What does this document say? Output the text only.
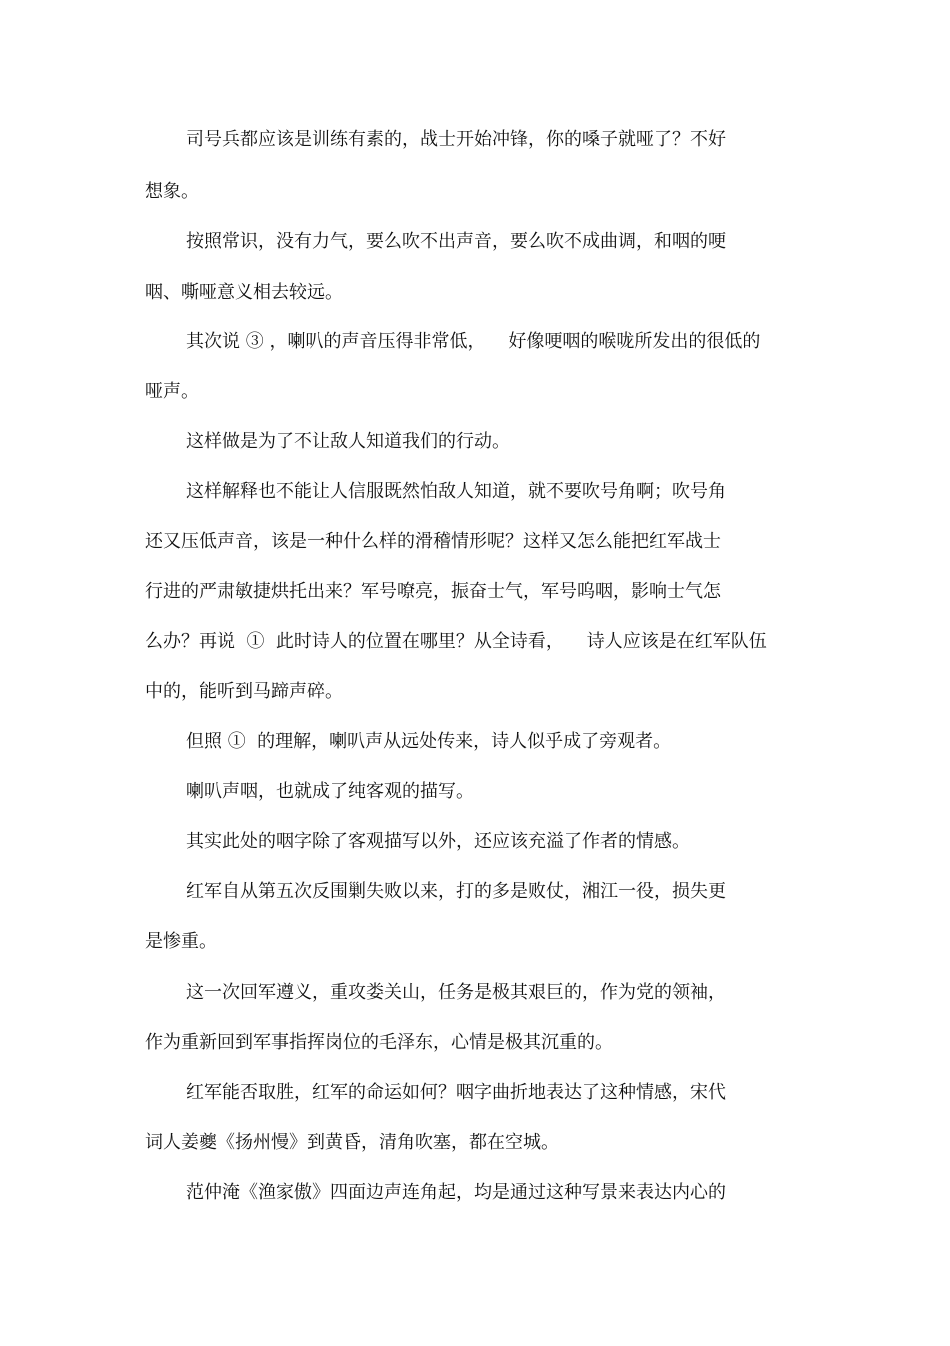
司号兵都应该是训练有素的，战士开始冲锋，你的嗓子就哑了？不好
想象。
按照常识，没有力气，要么吹不出声音，要么吹不成曲调，和咽的哽
咽、嘶哑意义相去较远。
其次说 ③ ，喇叭的声音压得非常低，    好像哽咽的喉咙所发出的很低的
哑声。
这样做是为了不让敌人知道我们的行动。
这样解释也不能让人信服既然怕敌人知道，就不要吹号角啊；吹号角
还又压低声音，该是一种什么样的滑稽情形呢？这样又怎么能把红军战士
行进的严肃敏捷烘托出来？军号嘹亮，振奋士气，军号呜咽，影响士气怎
么办？再说  ①  此时诗人的位置在哪里？从全诗看，    诗人应该是在红军队伍
中的，能听到马蹄声碎。
但照 ①  的理解，喇叭声从远处传来，诗人似乎成了旁观者。
喇叭声咽，也就成了纯客观的描写。
其实此处的咽字除了客观描写以外，还应该充溢了作者的情感。
红军自从第五次反围剿失败以来，打的多是败仗，湘江一役，损失更
是惨重。
这一次回军遵义，重攻娄关山，任务是极其艰巨的，作为党的领袖，
作为重新回到军事指挥岗位的毛泽东，心情是极其沉重的。
红军能否取胜，红军的命运如何？咽字曲折地表达了这种情感，宋代
词人姜夔《扬州慢》到黄昏，清角吹塞，都在空城。
范仲淹《渔家傲》四面边声连角起，均是通过这种写景来表达内心的
